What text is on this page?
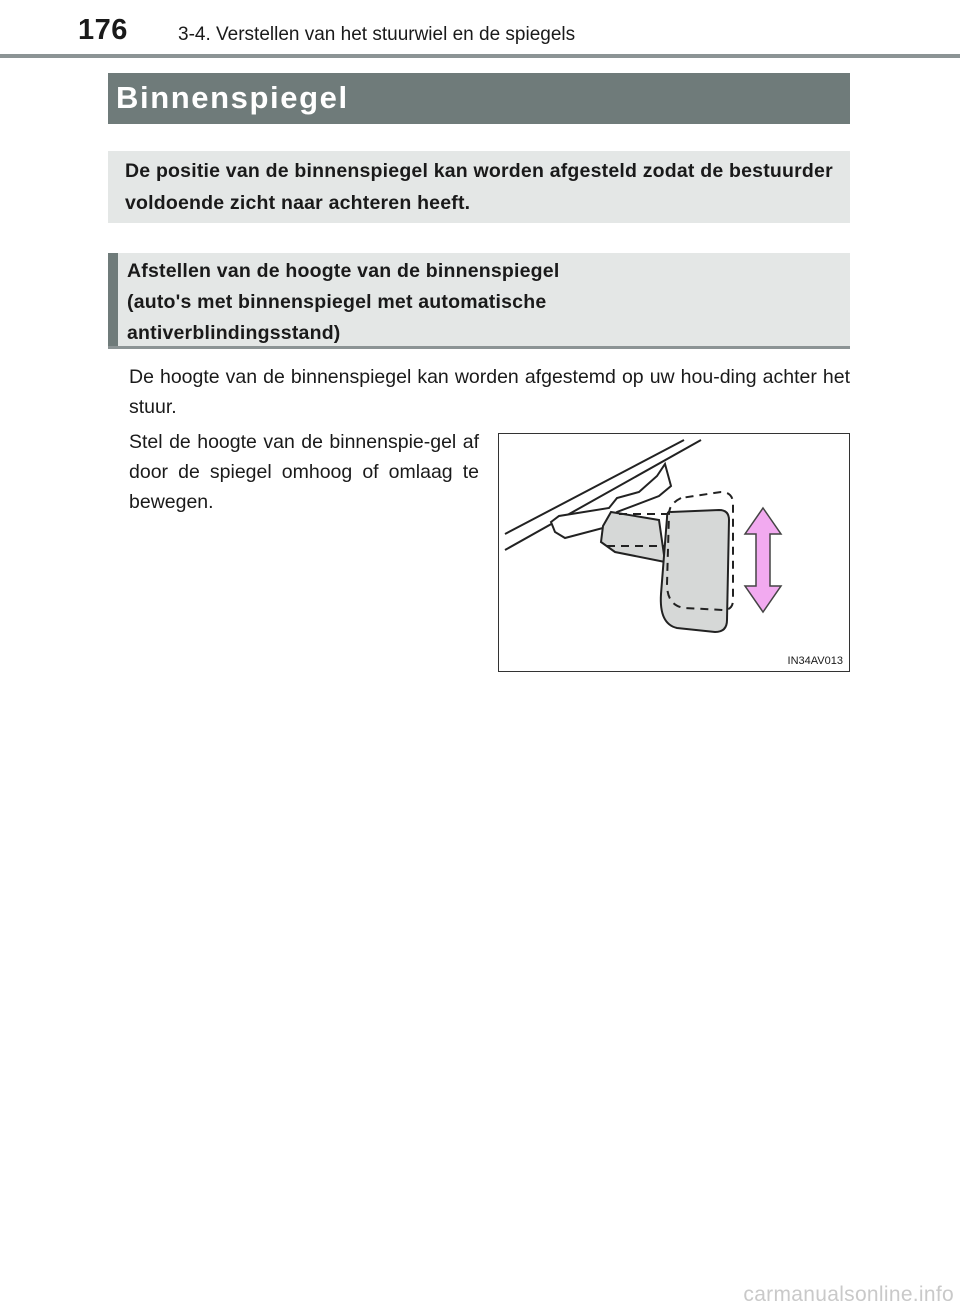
176	3-4. Verstellen van het stuurwiel en de spiegels
Binnenspiegel
De positie van de binnenspiegel kan worden afgesteld zodat de bestuurder voldoende zicht naar achteren heeft.
Afstellen van de hoogte van de binnenspiegel
(auto's met binnenspiegel met automatische
antiverblindingsstand)
De hoogte van de binnenspiegel kan worden afgestemd op uw hou-ding achter het stuur.
Stel de hoogte van de binnenspie-gel af door de spiegel omhoog of omlaag te bewegen.
IN34AV013
carmanualsonline.info
